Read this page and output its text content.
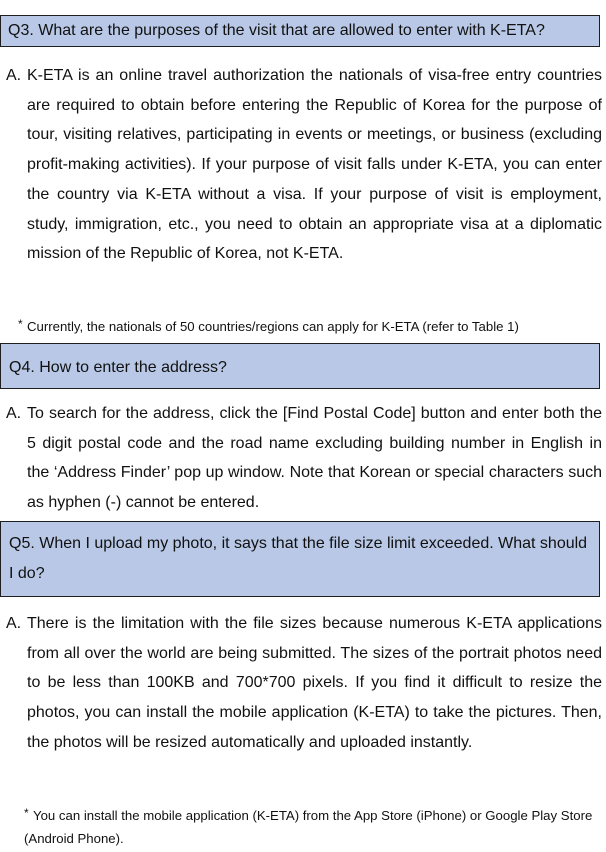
Q3. What are the purposes of the visit that are allowed to enter with K-ETA?
A. K-ETA is an online travel authorization the nationals of visa-free entry countries are required to obtain before entering the Republic of Korea for the purpose of tour, visiting relatives, participating in events or meetings, or business (excluding profit-making activities). If your purpose of visit falls under K-ETA, you can enter the country via K-ETA without a visa. If your purpose of visit is employment, study, immigration, etc., you need to obtain an appropriate visa at a diplomatic mission of the Republic of Korea, not K-ETA.
* Currently, the nationals of 50 countries/regions can apply for K-ETA (refer to Table 1)
Q4. How to enter the address?
A. To search for the address, click the [Find Postal Code] button and enter both the 5 digit postal code and the road name excluding building number in English in the ‘Address Finder’ pop up window. Note that Korean or special characters such as hyphen (-) cannot be entered.
Q5. When I upload my photo, it says that the file size limit exceeded. What should I do?
A. There is the limitation with the file sizes because numerous K-ETA applications from all over the world are being submitted. The sizes of the portrait photos need to be less than 100KB and 700*700 pixels. If you find it difficult to resize the photos, you can install the mobile application (K-ETA) to take the pictures. Then, the photos will be resized automatically and uploaded instantly.
* You can install the mobile application (K-ETA) from the App Store (iPhone) or Google Play Store (Android Phone).
